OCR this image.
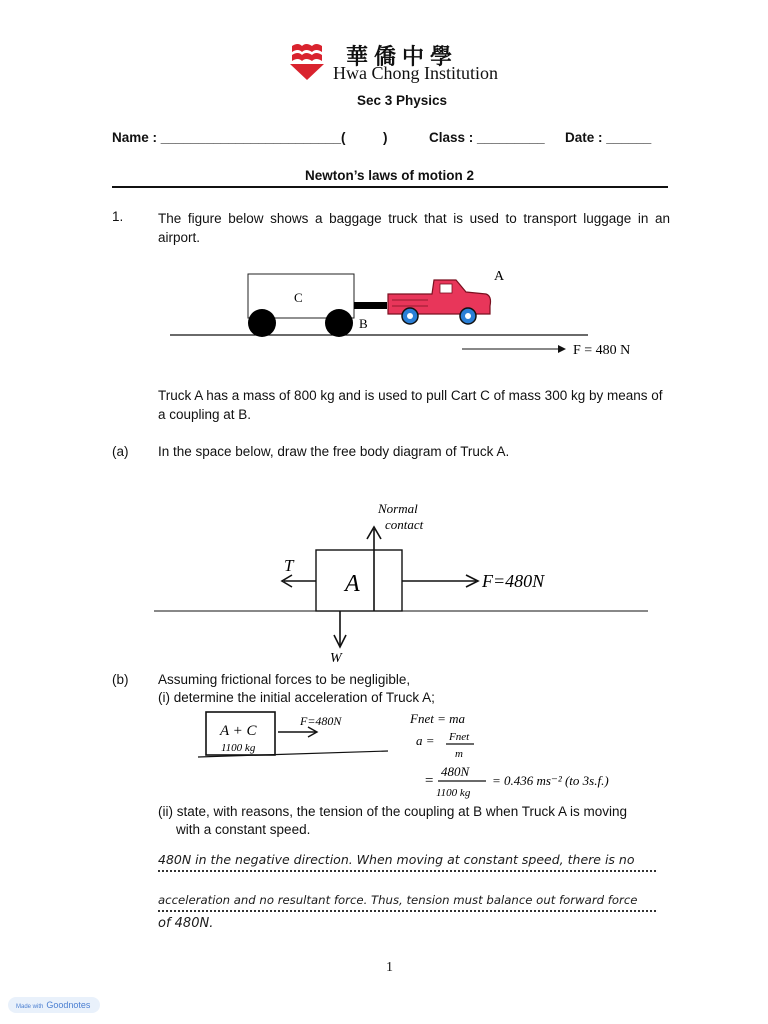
華僑中學
Hwa Chong Institution
Sec 3 Physics
Name : ________________________(          )	Class : _________ Date : ______
Newton’s laws of motion 2
1.	The figure below shows a baggage truck that is used to transport luggage in an airport.
C
B
A
F = 480 N
Truck A has a mass of 800 kg and is used to pull Cart C of mass 300 kg by means of a coupling at B.
(a) In the space below, draw the free body diagram of Truck A.
Normal
contact
T
A	F=480N
W
(b) Assuming frictional forces to be negligible,
(i) determine the initial acceleration of Truck A;
A + C
1100 kg
F=480N	Fnet = ma
a = Fnet
m
=
480N
1100 kg
= 0.436 ms⁻² (to 3s.f.)
(ii) state, with reasons, the tension of the coupling at B when Truck A is moving
with a constant speed.
480N in the negative direction. When moving at constant speed, there is no
acceleration and no resultant force. Thus, tension must balance out forward force
of 480N.
1
Made with Goodnotes
